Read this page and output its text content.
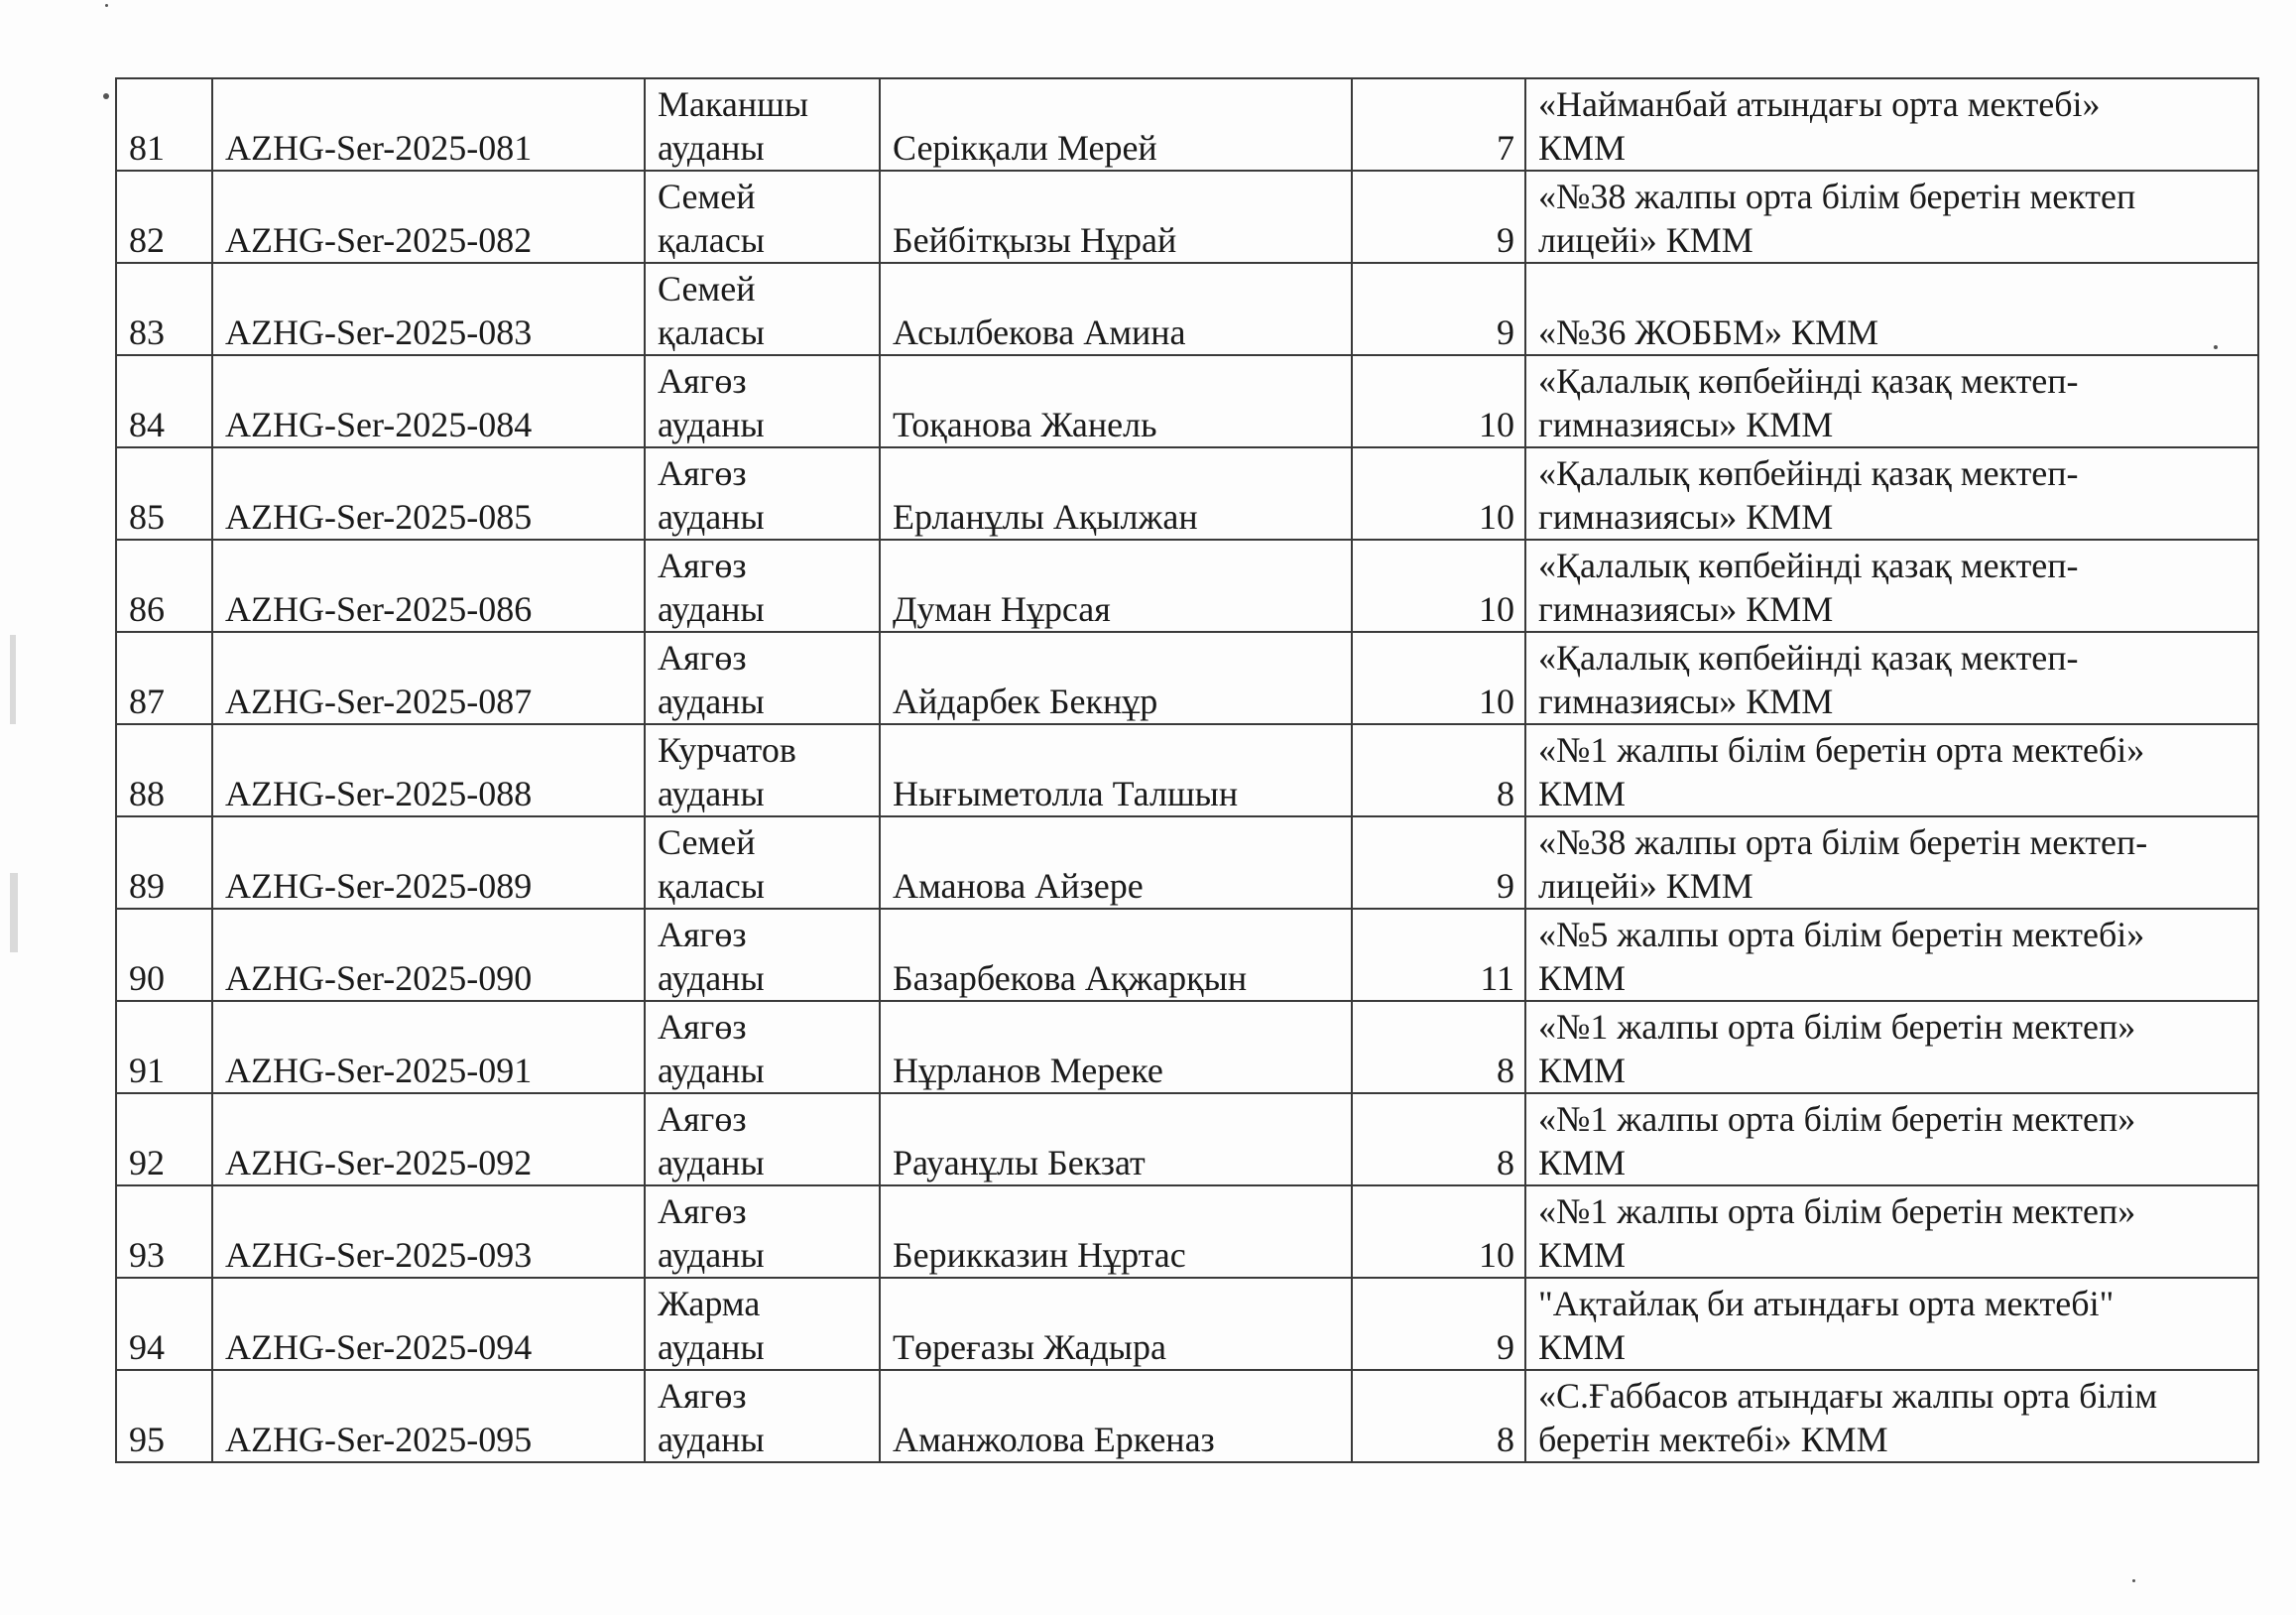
81	AZHG-Ser-2025-081	Маканшы
ауданы	Серікқали Мерей	7	«Найманбай атындағы орта мектебі»
КММ

82	AZHG-Ser-2025-082	Семей
қаласы	Бейбітқызы Нұрай	9	«№38 жалпы орта білім беретін мектеп
лицейі» КММ

83	AZHG-Ser-2025-083	Семей
қаласы	Асылбекова Амина	9	«№36 ЖОББМ» КММ

84	AZHG-Ser-2025-084	Аягөз
ауданы	Тоқанова Жанель	10	«Қалалық көпбейінді қазақ мектеп-
гимназиясы» КММ

85	AZHG-Ser-2025-085	Аягөз
ауданы	Ерланұлы Ақылжан	10	«Қалалық көпбейінді қазақ мектеп-
гимназиясы» КММ

86	AZHG-Ser-2025-086	Аягөз
ауданы	Думан Нұрсая	10	«Қалалық көпбейінді қазақ мектеп-
гимназиясы» КММ

87	AZHG-Ser-2025-087	Аягөз
ауданы	Айдарбек Бекнұр	10	«Қалалық көпбейінді қазақ мектеп-
гимназиясы» КММ

88	AZHG-Ser-2025-088	Курчатов
ауданы	Нығыметолла Талшын	8	«№1 жалпы білім беретін орта мектебі»
КММ

89	AZHG-Ser-2025-089	Семей
қаласы	Аманова Айзере	9	«№38 жалпы орта білім беретін мектеп-
лицейі» КММ

90	AZHG-Ser-2025-090	Аягөз
ауданы	Базарбекова Ақжарқын	11	«№5 жалпы орта білім беретін мектебі»
КММ

91	AZHG-Ser-2025-091	Аягөз
ауданы	Нұрланов Мереке	8	«№1 жалпы орта білім беретін мектеп»
КММ

92	AZHG-Ser-2025-092	Аягөз
ауданы	Рауанұлы Бекзат	8	«№1 жалпы орта білім беретін мектеп»
КММ

93	AZHG-Ser-2025-093	Аягөз
ауданы	Берикказин Нұртас	10	«№1 жалпы орта білім беретін мектеп»
КММ

94	AZHG-Ser-2025-094	Жарма
ауданы	Төреғазы Жадыра	9	"Ақтайлақ би атындағы орта мектебі"
КММ

95	AZHG-Ser-2025-095	Аягөз
ауданы	Аманжолова Еркеназ	8	«С.Ғаббасов атындағы жалпы орта білім
беретін мектебі» КММ
